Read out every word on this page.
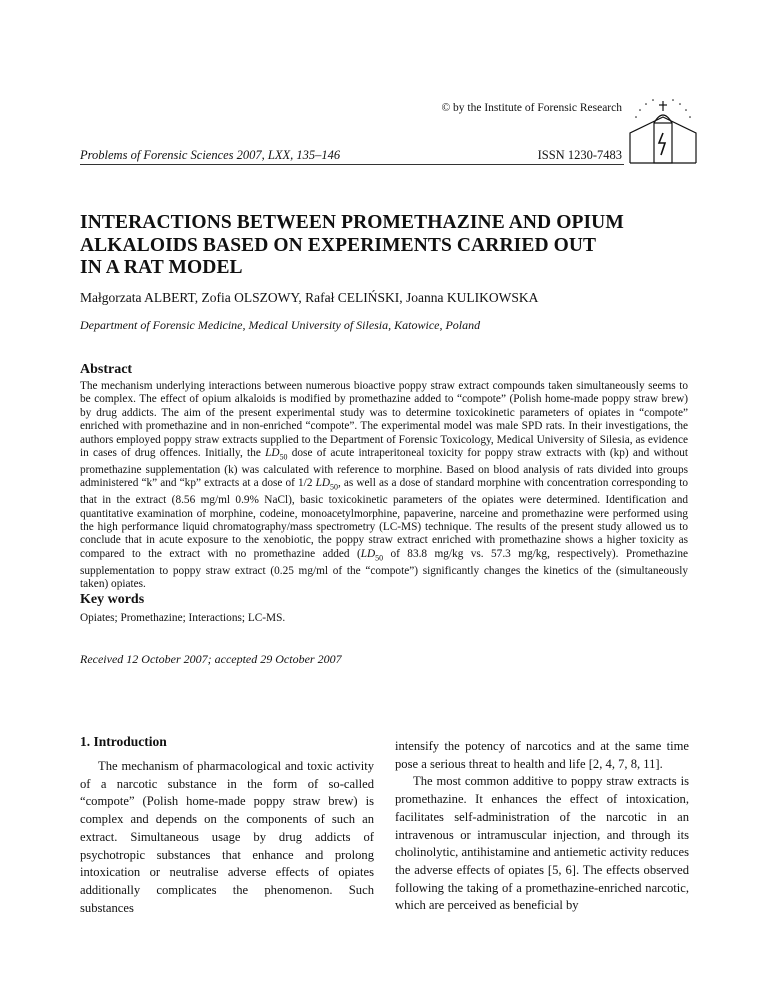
© by the Institute of Forensic Research
Problems of Forensic Sciences 2007, LXX, 135–146	ISSN 1230-7483
INTERACTIONS BETWEEN PROMETHAZINE AND OPIUM
ALKALOIDS BASED ON EXPERIMENTS CARRIED OUT
IN A RAT MODEL
Małgorzata ALBERT, Zofia OLSZOWY, Rafał CELIŃSKI, Joanna KULIKOWSKA
Department of Forensic Medicine, Medical University of Silesia, Katowice, Poland
Abstract

The mechanism underlying interactions between numerous bioactive poppy straw extract compounds taken simultaneously seems to be complex. The effect of opium alkaloids is modified by promethazine added to “compote” (Polish home-made poppy straw brew) by drug addicts. The aim of the present experimental study was to determine toxicokinetic parameters of opiates in “compote” enriched with promethazine and in non-enriched “compote”. The experimental model was male SPD rats. In their investigations, the authors employed poppy straw extracts supplied to the Department of Forensic Toxicology, Medical University of Silesia, as evidence in cases of drug offences. Initially, the $LD_{50}$ dose of acute intraperitoneal toxicity for poppy straw extracts with (kp) and without promethazine supplementation (k) was calculated with reference to morphine. Based on blood analysis of rats divided into groups administered “k” and “kp” extracts at a dose of 1/2 $LD_{50}$, as well as a dose of standard morphine with concentration corresponding to that in the extract (8.56 mg/ml 0.9% NaCl), basic toxicokinetic parameters of the opiates were determined. Identification and quantitative examination of morphine, codeine, monoacetylmorphine, papaverine, narceine and promethazine were performed using the high performance liquid chromatography/mass spectrometry (LC-MS) technique. The results of the present study allowed us to conclude that in acute exposure to the xenobiotic, the poppy straw extract enriched with promethazine shows a higher toxicity as compared to the extract with no promethazine added ($LD_{50}$ of 83.8 mg/kg vs. 57.3 mg/kg, respectively). Promethazine supplementation to poppy straw extract (0.25 mg/ml of the “compote”) significantly changes the kinetics of the (simultaneously taken) opiates.

Key words
Opiates; Promethazine; Interactions; LC-MS.
Received 12 October 2007; accepted 29 October 2007
1. Introduction

The mechanism of pharmacological and toxic activity of a narcotic substance in the form of so-called “compote” (Polish home-made poppy straw brew) is complex and depends on the components of such an extract. Simultaneous usage by drug addicts of psychotropic substances that enhance and prolong intoxication or neutralise adverse effects of opiates additionally complicates the phenomenon. Such substances

intensify the potency of narcotics and at the same time pose a serious threat to health and life [2, 4, 7, 8, 11].
The most common additive to poppy straw extracts is promethazine. It enhances the effect of intoxication, facilitates self-administration of the narcotic in an intravenous or intramuscular injection, and through its cholinolytic, antihistamine and antiemetic activity reduces the adverse effects of opiates [5, 6]. The effects observed following the taking of a promethazine-enriched narcotic, which are perceived as beneficial by
